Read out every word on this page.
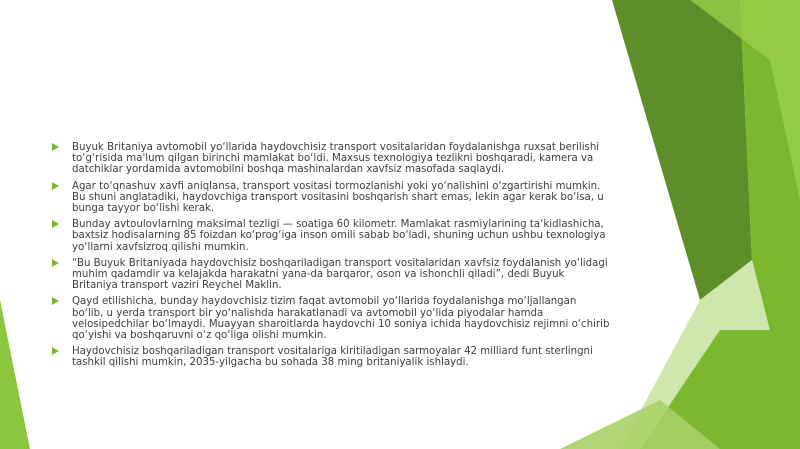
Buyuk Britaniya avtomobil yo‘llarida haydovchisiz transport vositalaridan foydalanishga ruxsat berilishi to‘g‘risida ma'lum qilgan birinchi mamlakat bo‘ldi. Maxsus texnologiya tezlikni boshqaradi, kamera va datchiklar yordamida avtomobilni boshqa mashinalardan xavfsiz masofada saqlaydi.
Agar to‘qnashuv xavfi aniqlansa, transport vositasi tormozlanishi yoki yo‘nalishini o‘zgartirishi mumkin. Bu shuni anglatadiki, haydovchiga transport vositasini boshqarish shart emas, lekin agar kerak bo‘lsa, u bunga tayyor bo‘lishi kerak.
Bunday avtoulovlarning maksimal tezligi — soatiga 60 kilometr. Mamlakat rasmiylarining ta‘kidlashicha, baxtsiz hodisalarning 85 foizdan ko‘prog‘iga inson omili sabab bo‘ladi, shuning uchun ushbu texnologiya yo‘llarni xavfsizroq qilishi mumkin.
“Bu Buyuk Britaniyada haydovchisiz boshqariladigan transport vositalaridan xavfsiz foydalanish yo‘lidagi muhim qadamdir va kelajakda harakatni yana-da barqaror, oson va ishonchli qiladi”, dedi Buyuk Britaniya transport vaziri Reychel Maklin.
Qayd etilishicha, bunday haydovchisiz tizim faqat avtomobil yo‘llarida foydalanishga mo‘ljallangan bo‘lib, u yerda transport bir yo‘nalishda harakatlanadi va avtomobil yo‘lida piyodalar hamda velosipedchilar bo‘lmaydi. Muayyan sharoitlarda haydovchi 10 soniya ichida haydovchisiz rejimni o‘chirib qo‘yishi va boshqaruvni o‘z qo‘liga olishi mumkin.
Haydovchisiz boshqariladigan transport vositalariga kiritiladigan sarmoyalar 42 milliard funt sterlingni tashkil qilishi mumkin, 2035-yilgacha bu sohada 38 ming britaniyalik ishlaydi.
